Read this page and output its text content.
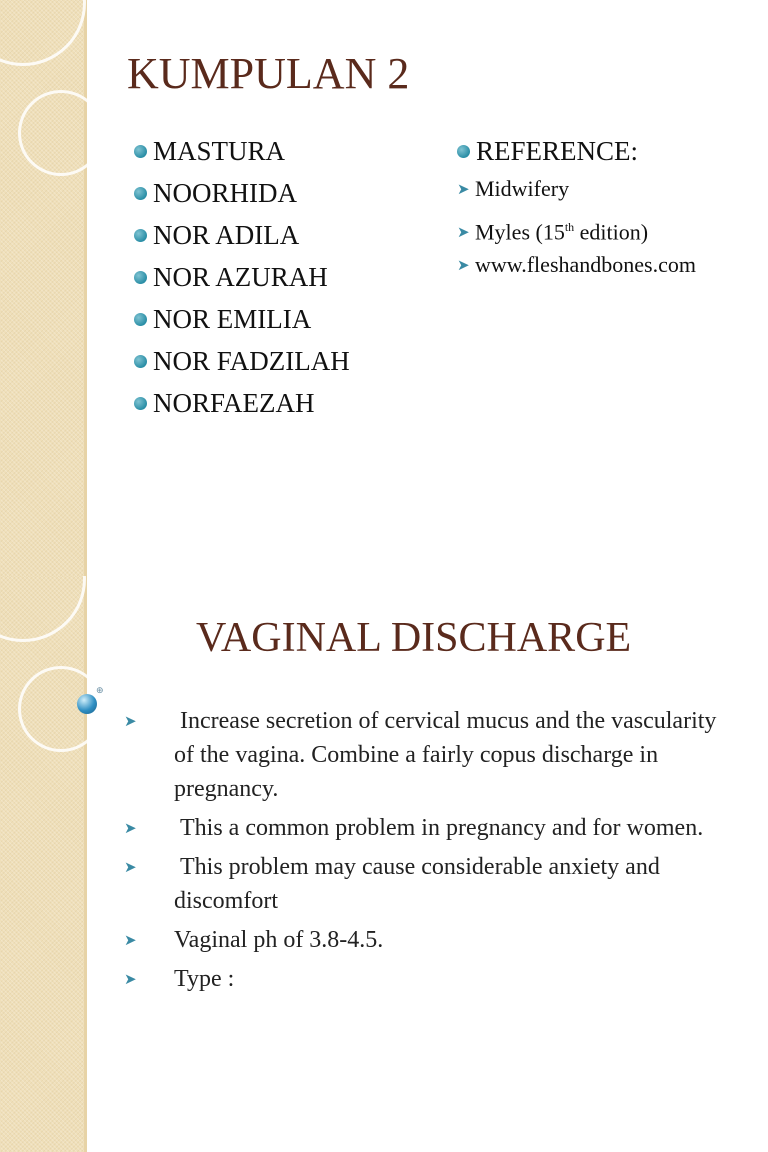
KUMPULAN 2
MASTURA
NOORHIDA
NOR ADILA
NOR AZURAH
NOR EMILIA
NOR FADZILAH
NORFAEZAH
REFERENCE:
➤ Midwifery
➤ Myles (15th edition)
➤ www.fleshandbones.com
⊕
VAGINAL DISCHARGE
➤ Increase secretion of cervical mucus and the vascularity  of the vagina. Combine a fairly copus discharge in pregnancy.
➤ This a common problem in pregnancy and for women.
➤ This problem may cause considerable anxiety and discomfort
➤ Vaginal ph of 3.8-4.5.
➤ Type :
